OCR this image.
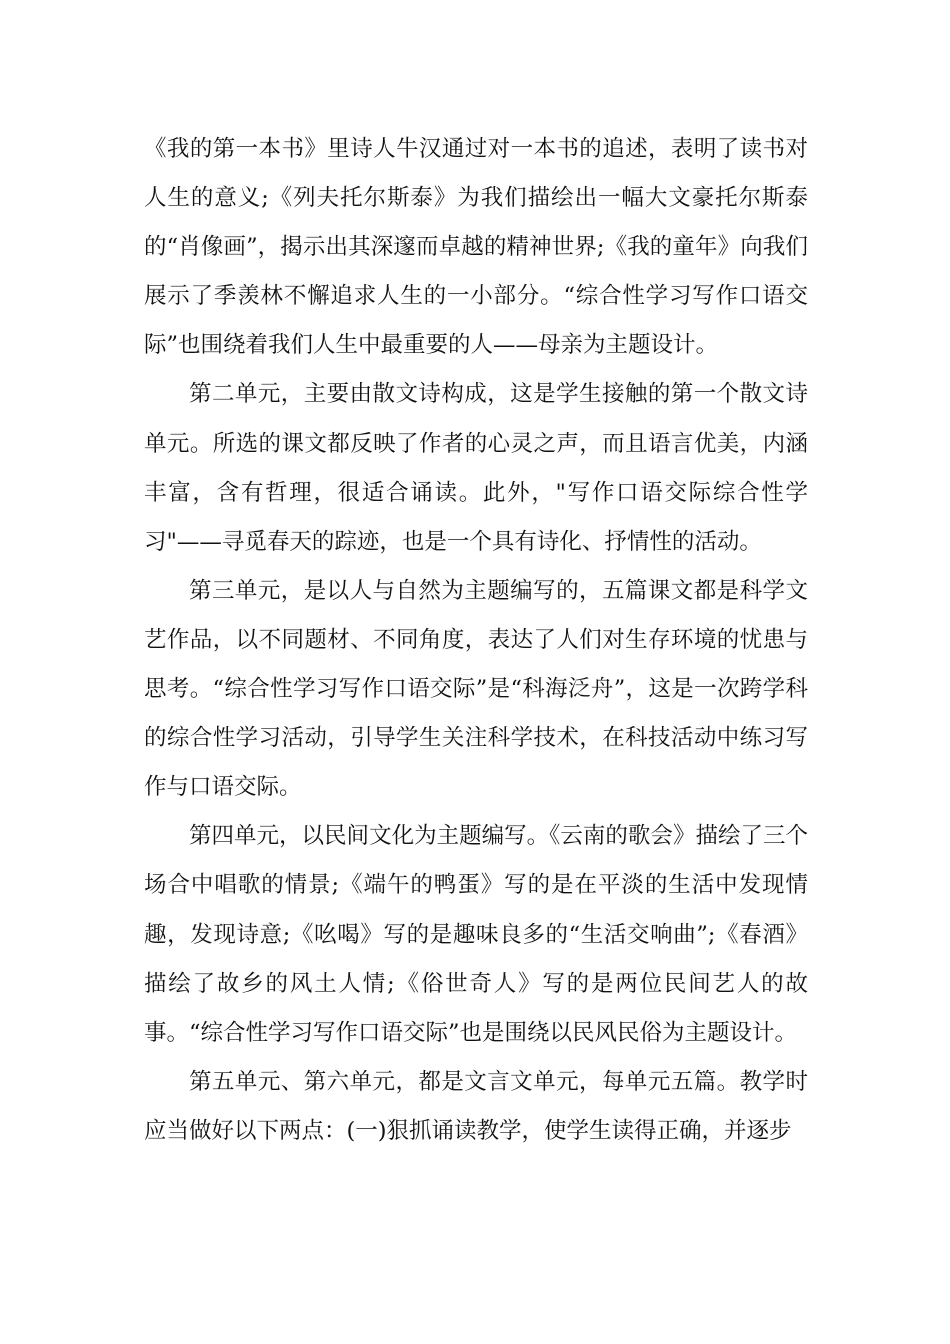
《我的第一本书》里诗人牛汉通过对一本书的追述，表明了读书对人生的意义;《列夫托尔斯泰》为我们描绘出一幅大文豪托尔斯泰的“肖像画”，揭示出其深邃而卓越的精神世界;《我的童年》向我们展示了季羡林不懈追求人生的一小部分。“综合性学习写作口语交际”也围绕着我们人生中最重要的人——母亲为主题设计。

第二单元，主要由散文诗构成，这是学生接触的第一个散文诗单元。所选的课文都反映了作者的心灵之声，而且语言优美，内涵丰富，含有哲理，很适合诵读。此外，"写作口语交际综合性学习"——寻觅春天的踪迹，也是一个具有诗化、抒情性的活动。

第三单元，是以人与自然为主题编写的，五篇课文都是科学文艺作品，以不同题材、不同角度，表达了人们对生存环境的忧患与思考。“综合性学习写作口语交际”是“科海泛舟”，这是一次跨学科的综合性学习活动，引导学生关注科学技术，在科技活动中练习写作与口语交际。

第四单元，以民间文化为主题编写。《云南的歌会》描绘了三个场合中唱歌的情景;《端午的鸭蛋》写的是在平淡的生活中发现情趣，发现诗意;《吆喝》写的是趣味良多的“生活交响曲”;《春酒》描绘了故乡的风土人情;《俗世奇人》写的是两位民间艺人的故事。“综合性学习写作口语交际”也是围绕以民风民俗为主题设计。

第五单元、第六单元，都是文言文单元，每单元五篇。教学时应当做好以下两点：(一)狠抓诵读教学，使学生读得正确，并逐步
